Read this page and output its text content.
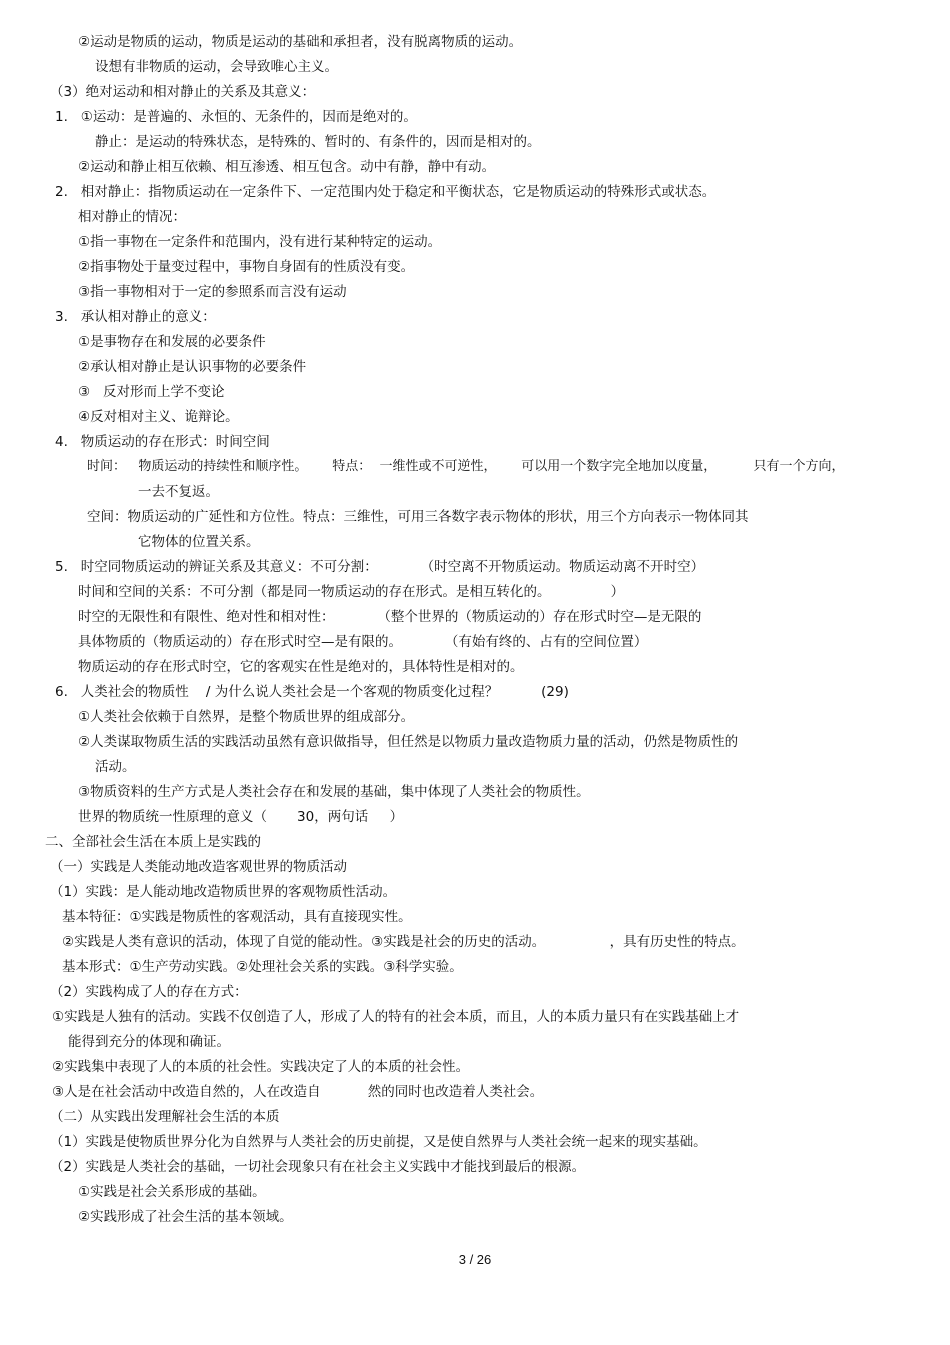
②运动是物质的运动，物质是运动的基础和承担者，没有脱离物质的运动。
设想有非物质的运动，会导致唯心主义。
（3）绝对运动和相对静止的关系及其意义：
1.   ①运动：是普遍的、永恒的、无条件的，因而是绝对的。
静止：是运动的特殊状态，是特殊的、暂时的、有条件的，因而是相对的。
②运动和静止相互依赖、相互渗透、相互包含。动中有静，静中有动。
2.   相对静止：指物质运动在一定条件下、一定范围内处于稳定和平衡状态，它是物质运动的特殊形式或状态。
相对静止的情况：
①指一事物在一定条件和范围内，没有进行某种特定的运动。
②指事物处于量变过程中，事物自身固有的性质没有变。
③指一事物相对于一定的参照系而言没有运动
3.   承认相对静止的意义：
①是事物存在和发展的必要条件
②承认相对静止是认识事物的必要条件
③   反对形而上学不变论
④反对相对主义、诡辩论。
4.   物质运动的存在形式：时间空间
时间：   物质运动的持续性和顺序性。      特点：  一维性或不可逆性，      可以用一个数字完全地加以度量，         只有一个方向，
一去不复返。
空间：物质运动的广延性和方位性。特点：三维性，可用三各数字表示物体的形状，用三个方向表示一物体同其
它物体的位置关系。
5.   时空同物质运动的辨证关系及其意义：不可分割：          （时空离不开物质运动。物质运动离不开时空）
时间和空间的关系：不可分割（都是同一物质运动的存在形式。是相互转化的。              ）
时空的无限性和有限性、绝对性和相对性：          （整个世界的（物质运动的）存在形式时空—是无限的
具体物质的（物质运动的）存在形式时空—是有限的。          （有始有终的、占有的空间位置）
物质运动的存在形式时空，它的客观实在性是绝对的，具体特性是相对的。
6.   人类社会的物质性    / 为什么说人类社会是一个客观的物质变化过程？          (29)
①人类社会依赖于自然界，是整个物质世界的组成部分。
②人类谋取物质生活的实践活动虽然有意识做指导，但任然是以物质力量改造物质力量的活动，仍然是物质性的
活动。
③物质资料的生产方式是人类社会存在和发展的基础，集中体现了人类社会的物质性。
世界的物质统一性原理的意义（       30，两句话     ）
二、全部社会生活在本质上是实践的
（一）实践是人类能动地改造客观世界的物质活动
（1）实践：是人能动地改造物质世界的客观物质性活动。
基本特征：①实践是物质性的客观活动，具有直接现实性。
②实践是人类有意识的活动，体现了自觉的能动性。③实践是社会的历史的活动。               ，具有历史性的特点。
基本形式：①生产劳动实践。②处理社会关系的实践。③科学实验。
（2）实践构成了人的存在方式：
①实践是人独有的活动。实践不仅创造了人，形成了人的特有的社会本质，而且，人的本质力量只有在实践基础上才
能得到充分的体现和确证。
②实践集中表现了人的本质的社会性。实践决定了人的本质的社会性。
③人是在社会活动中改造自然的，人在改造自           然的同时也改造着人类社会。
（二）从实践出发理解社会生活的本质
（1）实践是使物质世界分化为自然界与人类社会的历史前提，又是使自然界与人类社会统一起来的现实基础。
（2）实践是人类社会的基础，一切社会现象只有在社会主义实践中才能找到最后的根源。
①实践是社会关系形成的基础。
②实践形成了社会生活的基本领域。
3 / 26
